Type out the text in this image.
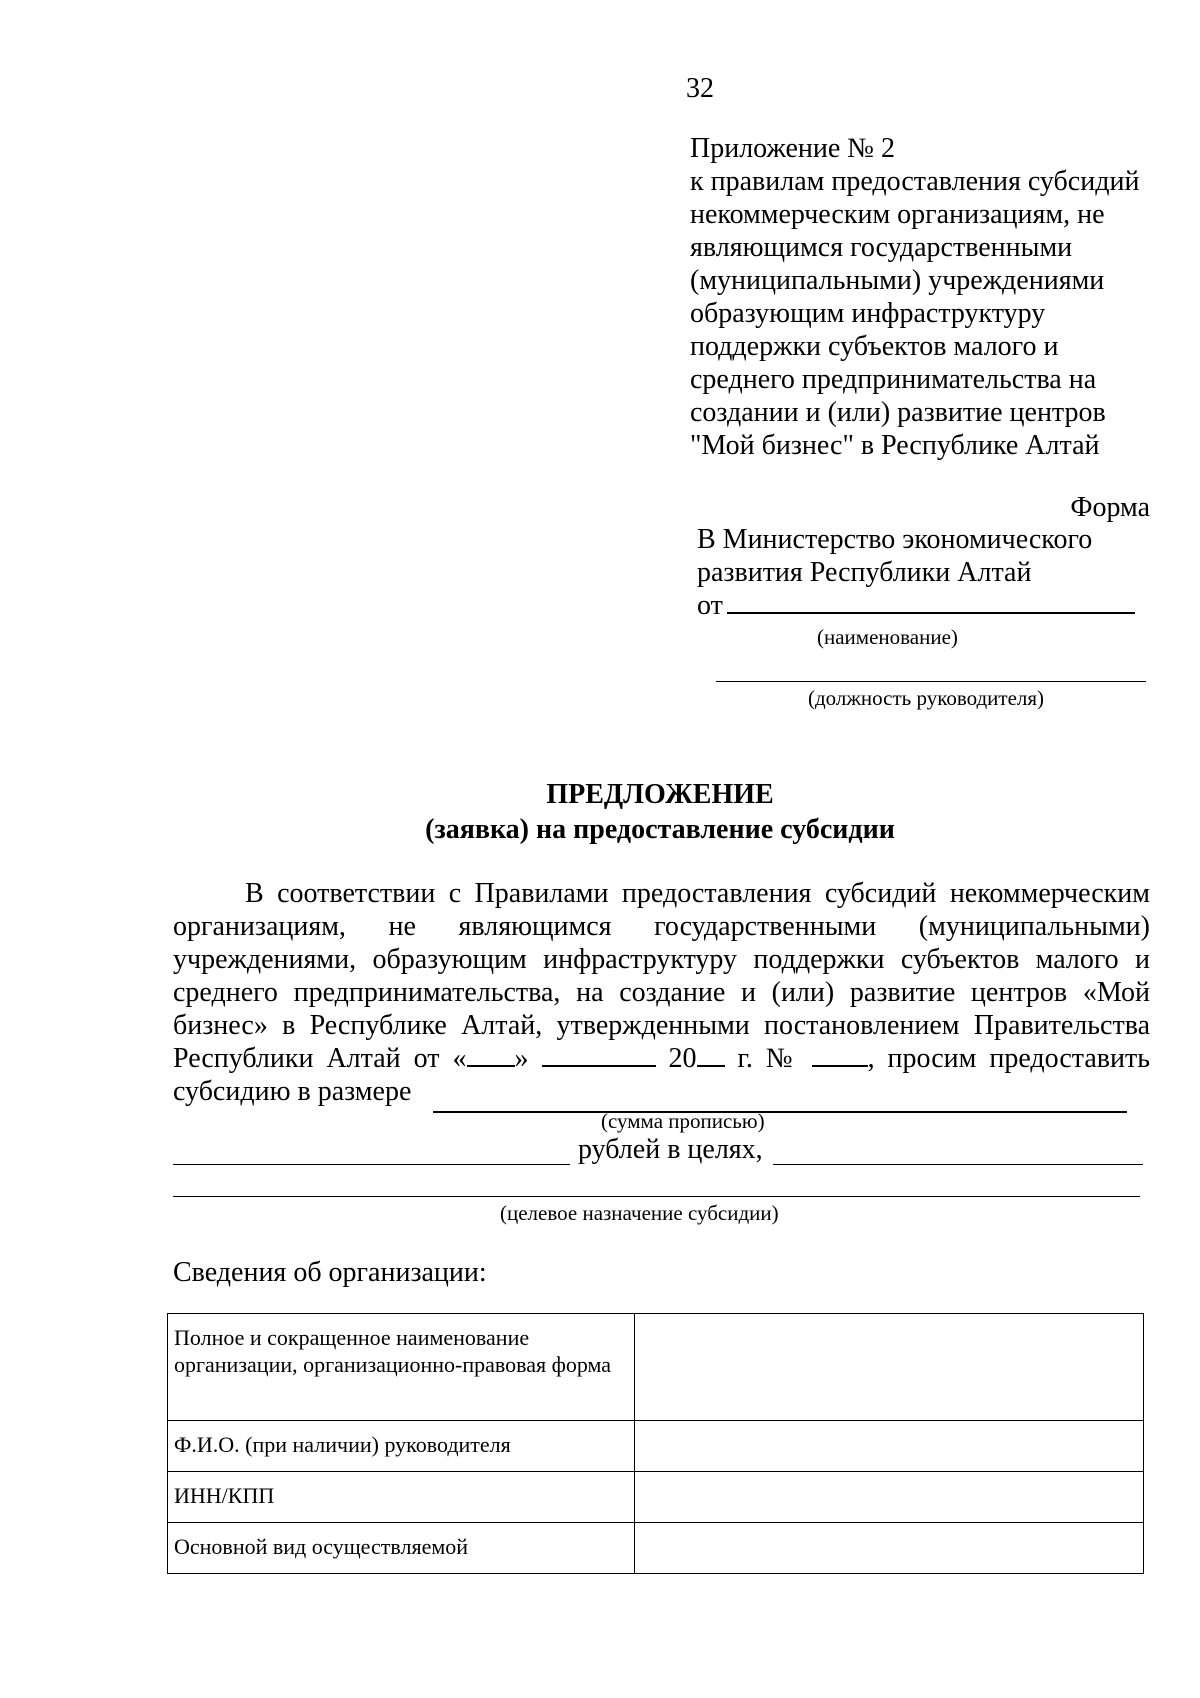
32
Приложение № 2
к правилам предоставления субсидий
некоммерческим организациям, не
являющимся государственными
(муниципальными) учреждениями
образующим инфраструктуру
поддержки субъектов малого и
среднего предпринимательства на
создании и (или) развитие центров
"Мой бизнес" в Республике Алтай
Форма
В Министерство экономического
развития Республики Алтай
от
(наименование)
(должность руководителя)
ПРЕДЛОЖЕНИЕ
(заявка) на предоставление субсидии
В соответствии с Правилами предоставления субсидий некоммерческим
организациям, не являющимся государственными (муниципальными)
учреждениями, образующим инфраструктуру поддержки субъектов малого и
среднего предпринимательства, на создание и (или) развитие центров «Мой
бизнес» в Республике Алтай, утвержденными постановлением Правительства
Республики Алтай от « »	20 г. № , просим предоставить
субсидию в размере
(сумма прописью)
рублей в целях,
(целевое назначение субсидии)
Сведения об организации:
Полное и сокращенное наименование организации, организационно-правовая форма	
Ф.И.О. (при наличии) руководителя	
ИНН/КПП	
Основной вид осуществляемой	
